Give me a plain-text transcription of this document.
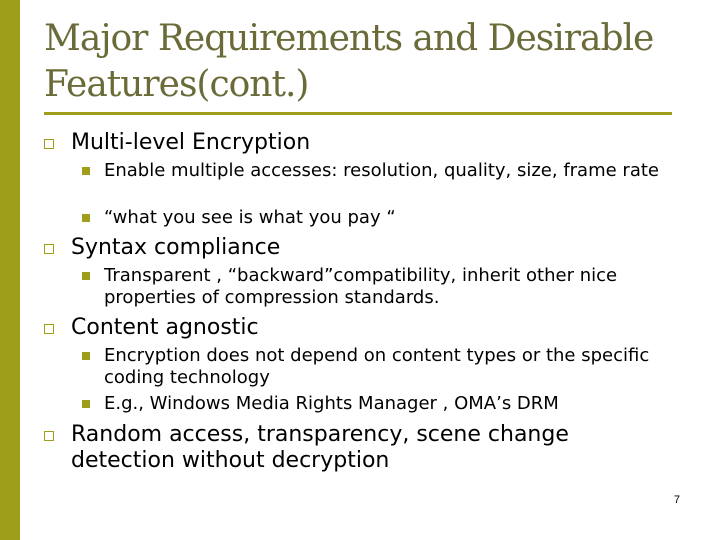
Major Requirements and Desirable Features(cont.)
Multi-level Encryption
Enable multiple accesses: resolution, quality, size, frame rate
“what you see is what you pay “
Syntax compliance
Transparent , “backward”compatibility, inherit other nice properties of compression standards.
Content agnostic
Encryption does not depend on content types or the specific coding technology
E.g., Windows Media Rights Manager , OMA’s DRM
Random access, transparency, scene change detection without decryption
7
